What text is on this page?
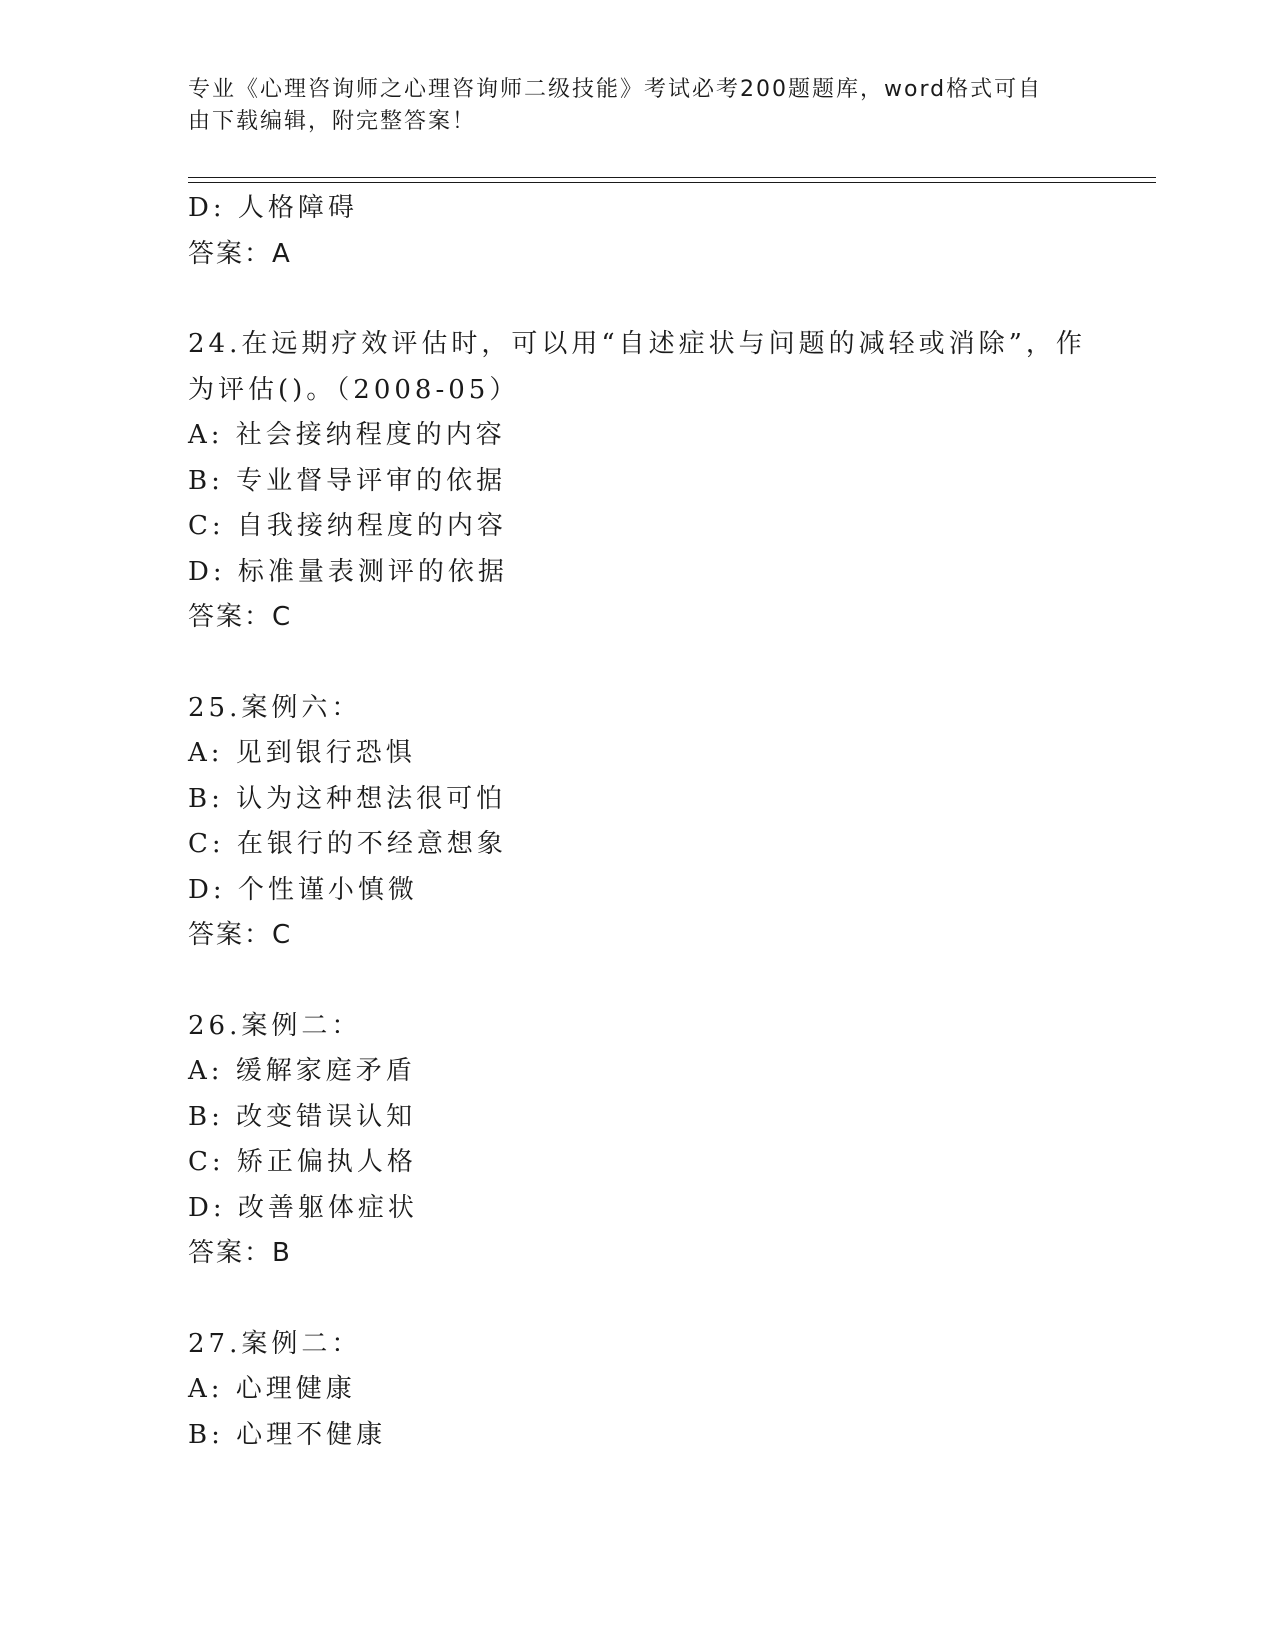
专业《心理咨询师之心理咨询师二级技能》考试必考200题题库，word格式可自
由下载编辑，附完整答案！
D: 人格障碍
答案：A
24.在远期疗效评估时，可以用“自述症状与问题的减轻或消除”，作
为评估()。（2008-05）
A: 社会接纳程度的内容
B: 专业督导评审的依据
C: 自我接纳程度的内容
D: 标准量表测评的依据
答案：C
25.案例六：
A: 见到银行恐惧
B: 认为这种想法很可怕
C: 在银行的不经意想象
D: 个性谨小慎微
答案：C
26.案例二：
A: 缓解家庭矛盾
B: 改变错误认知
C: 矫正偏执人格
D: 改善躯体症状
答案：B
27.案例二：
A: 心理健康
B: 心理不健康
